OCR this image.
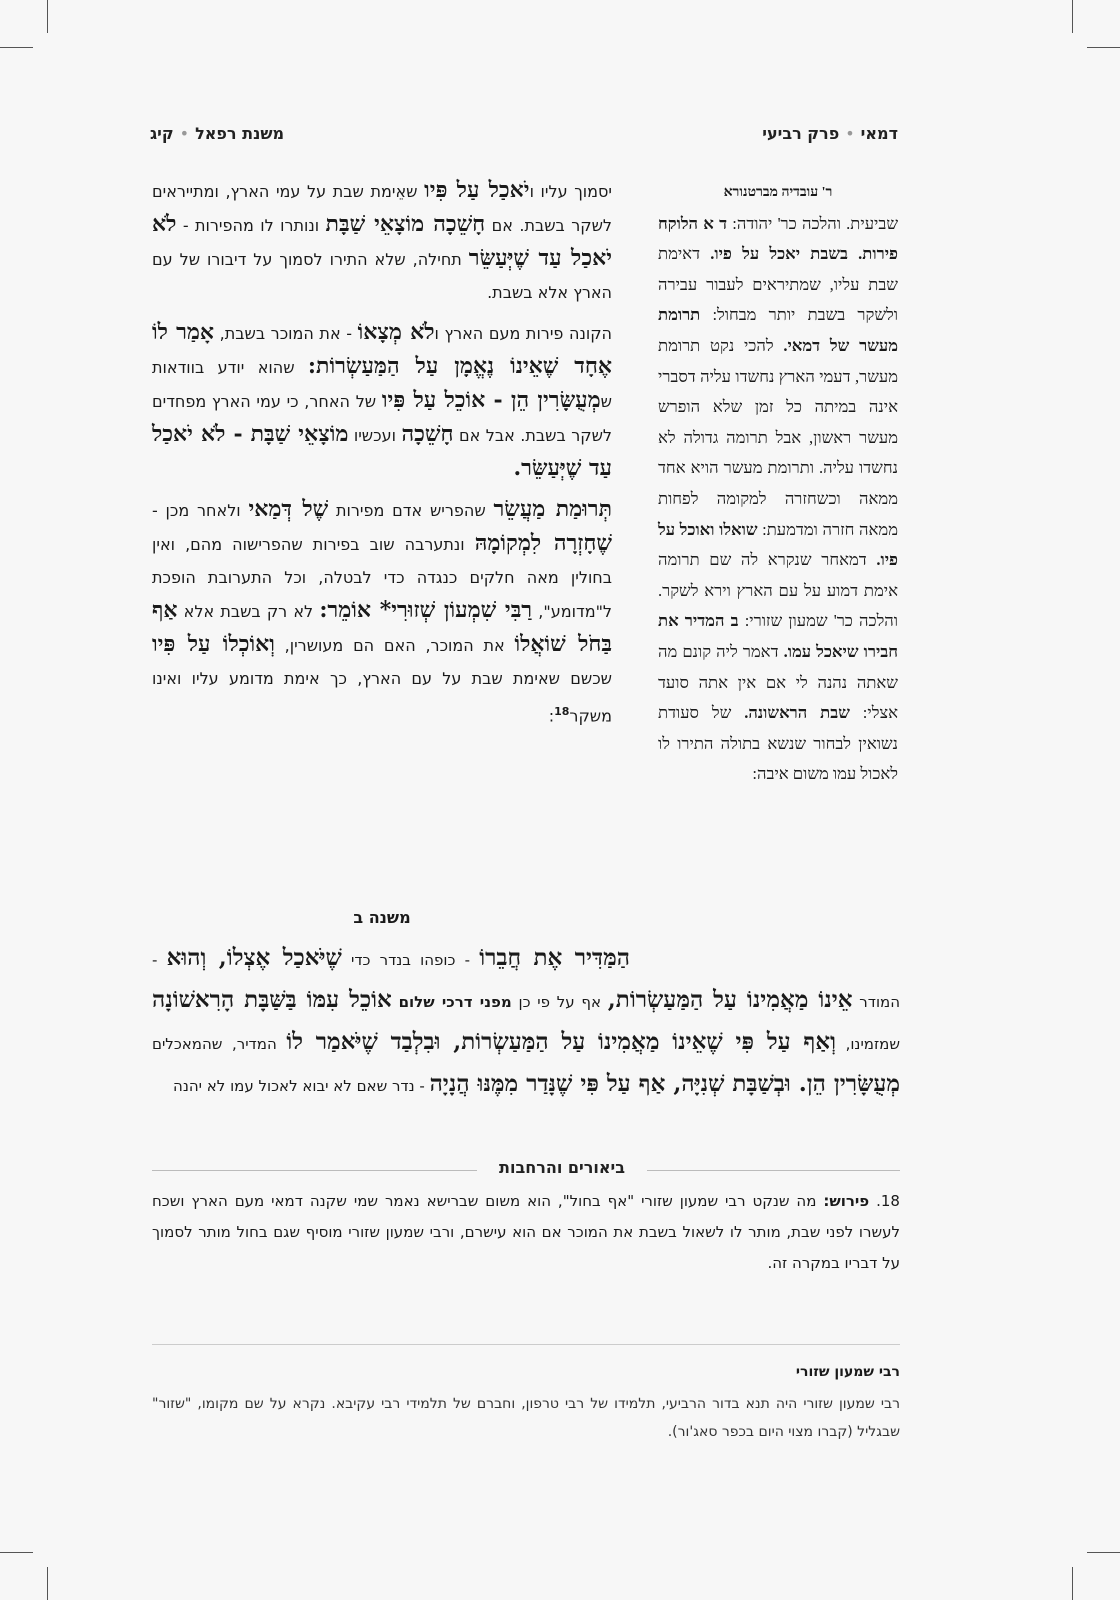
דמאי•פרק רביעי
משנת רפאל•קיג
ר' עובדיה מברטנורא
שביעית. והלכה כר' יהודה: ד א הלוקח פירות. בשבת יאכל על פיו. דאימת שבת עליו, שמתיראים לעבור עבירה ולשקר בשבת יותר מבחול: תרומת מעשר של דמאי. להכי נקט תרומת מעשר, דעמי הארץ נחשדו עליה דסברי אינה במיתה כל זמן שלא הופרש מעשר ראשון, אבל תרומה גדולה לא נחשדו עליה. ותרומת מעשר הויא אחד ממאה וכשחזרה למקומה לפחות ממאה חזרה ומדמעת: שואלו ואוכל על פיו. דמאחר שנקרא לה שם תרומה אימת דמוע על עם הארץ וירא לשקר. והלכה כר' שמעון שזורי: ב המדיר את חבירו שיאכל עמו. דאמר ליה קונם מה שאתה נהנה לי אם אין אתה סועד אצלי: שבת הראשונה. של סעודת נשואין לבחור שנשא בתולה התירו לו לאכול עמו משום איבה:

יסמוך עליו ויֹאכַל עַל פִּיו שאֵימת שבת על עמי הארץ, ומתייראים לשקר בשבת. אם חָשֵׁכָה מוֹצָאֵי שַׁבָּת ונותרו לו מהפירות - לֹא יֹאכַל עַד שֶׁיְּעַשֵּׂר תחילה, שלא התירו לסמוך על דיבורו של עם הארץ אלא בשבת.

הקונה פירות מעם הארץ ולֹא מְצָאוֹ - את המוכר בשבת, אָמַר לוֹ אֶחָד שֶׁאֵינוֹ נֶאֱמָן עַל הַמַּעַשְׂרוֹת: שהוא יודע בוודאות שמְעֻשָּׂרִין הֵן - אוֹכֵל עַל פִּיו של האחר, כי עמי הארץ מפחדים לשקר בשבת. אבל אם חָשֵׁכָה ועכשיו מוֹצָאֵי שַׁבָּת - לֹא יֹאכַל עַד שֶׁיְּעַשֵּׂר.

תְּרוּמַת מַעֲשֵׂר שהפריש אדם מפירות שֶׁל דְּמַאי ולאחר מכן - שֶׁחָזְרָה לִמְקוֹמָהּ ונתערבה שוב בפירות שהפרישוה מהם, ואין בחולין מאה חלקים כנגדה כדי לבטלה, וכל התערובת הופכת ל"מדומע", רַבִּי שִׁמְעוֹן שְׁזוּרִי* אוֹמֵר: לא רק בשבת אלא אַף בַּחֹל שׁוֹאֲלוֹ את המוכר, האם הם מעושרין, וְאוֹכְלוֹ עַל פִּיו שכשם שאימת שבת על עם הארץ, כך אימת מדומע עליו ואינו משקר$^{18}$:

משנה ב
הַמַּדִּיר אֶת חֲבֵרוֹ - כופהו בנדר כדי שֶׁיֹּאכַל אֶצְלוֹ, וְהוּא - המודר אֵינוֹ מַאֲמִינוֹ עַל הַמַּעַשְׂרוֹת, אף על פי כן מפני דרכי שלום אוֹכֵל עִמּוֹ בַּשַּׁבָּת הָרִאשׁוֹנָה שמזמינו, וְאַף עַל פִּי שֶׁאֵינוֹ מַאֲמִינוֹ עַל הַמַּעַשְׂרוֹת, וּבִלְבַד שֶׁיֹּאמַר לוֹ המדיר, שהמאכלים מְעֻשָּׂרִין הֵן. וּבְשַׁבָּת שְׁנִיָּה, אַף עַל פִּי שֶׁנָּדַר מִמֶּנּוּ הֲנָיָה - נדר שאם לא יבוא לאכול עמו לא יהנה
ביאורים והרחבות
18. פירוש: מה שנקט רבי שמעון שזורי "אף בחול", הוא משום שברישא נאמר שמי שקנה דמאי מעם הארץ ושכח לעשרו לפני שבת, מותר לו לשאול בשבת את המוכר אם הוא עישרם, ורבי שמעון שזורי מוסיף שגם בחול מותר לסמוך על דבריו במקרה זה.
רבי שמעון שזורי
רבי שמעון שזורי היה תנא בדור הרביעי, תלמידו של רבי טרפון, וחברם של תלמידי רבי עקיבא. נקרא על שם מקומו, "שזור" שבגליל (קברו מצוי היום בכפר סאג'ור).
